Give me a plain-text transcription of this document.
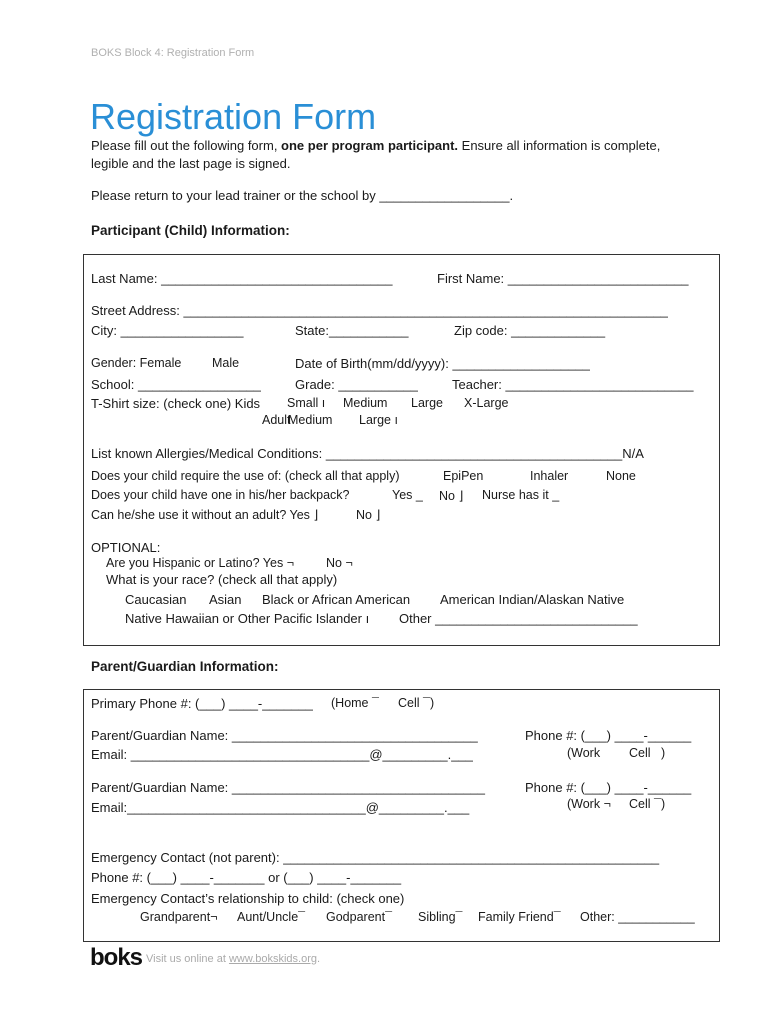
BOKS Block 4: Registration Form
Registration Form
Please fill out the following form, one per program participant. Ensure all information is complete,
legible and the last page is signed.
Please return to your lead trainer or the school by __________________.
Participant (Child) Information:
Last Name: ________________________________	First Name: _________________________
Street Address: ___________________________________________________________________
City: _________________	State:___________	Zip code: _____________
Gender: Female Male	Date of Birth(mm/dd/yyyy): ___________________
School: _________________	Grade: ___________	Teacher: __________________________
T-Shirt size: (check one) Kids Small ı Medium Large X-Large
Adult
Medium Large ı
List known Allergies/Medical Conditions: _________________________________________N/A
Does your child require the use of: (check all that apply)	EpiPen	Inhaler	None
Does your child have one in his/her backpack?	Yes _ No ⌋ Nurse has it _
Can he/she use it without an adult? Yes ⌋	No ⌋
OPTIONAL:
Are you Hispanic or Latino? Yes ¬	No ¬
What is your race? (check all that apply)
Caucasian Asian Black or African American American Indian/Alaskan Native
Native Hawaiian or Other Pacific Islander ı Other ____________________________
Parent/Guardian Information:
Primary Phone #: (___) ____-_______ (Home ¯ Cell ¯)
Parent/Guardian Name: __________________________________	Phone #: (___) ____-______
(Work Cell )
Email: _________________________________@_________.___
Parent/Guardian Name: ___________________________________	Phone #: (___) ____-______
(Work ¬ Cell ¯)
Email:_________________________________@_________.___
Emergency Contact (not parent): ____________________________________________________
Phone #: (___) ____-_______ or (___) ____-_______
Emergency Contact’s relationship to child: (check one)
Grandparent¬ Aunt/Uncle¯ Godparent¯ Sibling¯ Family Friend¯ Other: ___________
boks Visit us online at www.bokskids.org.
